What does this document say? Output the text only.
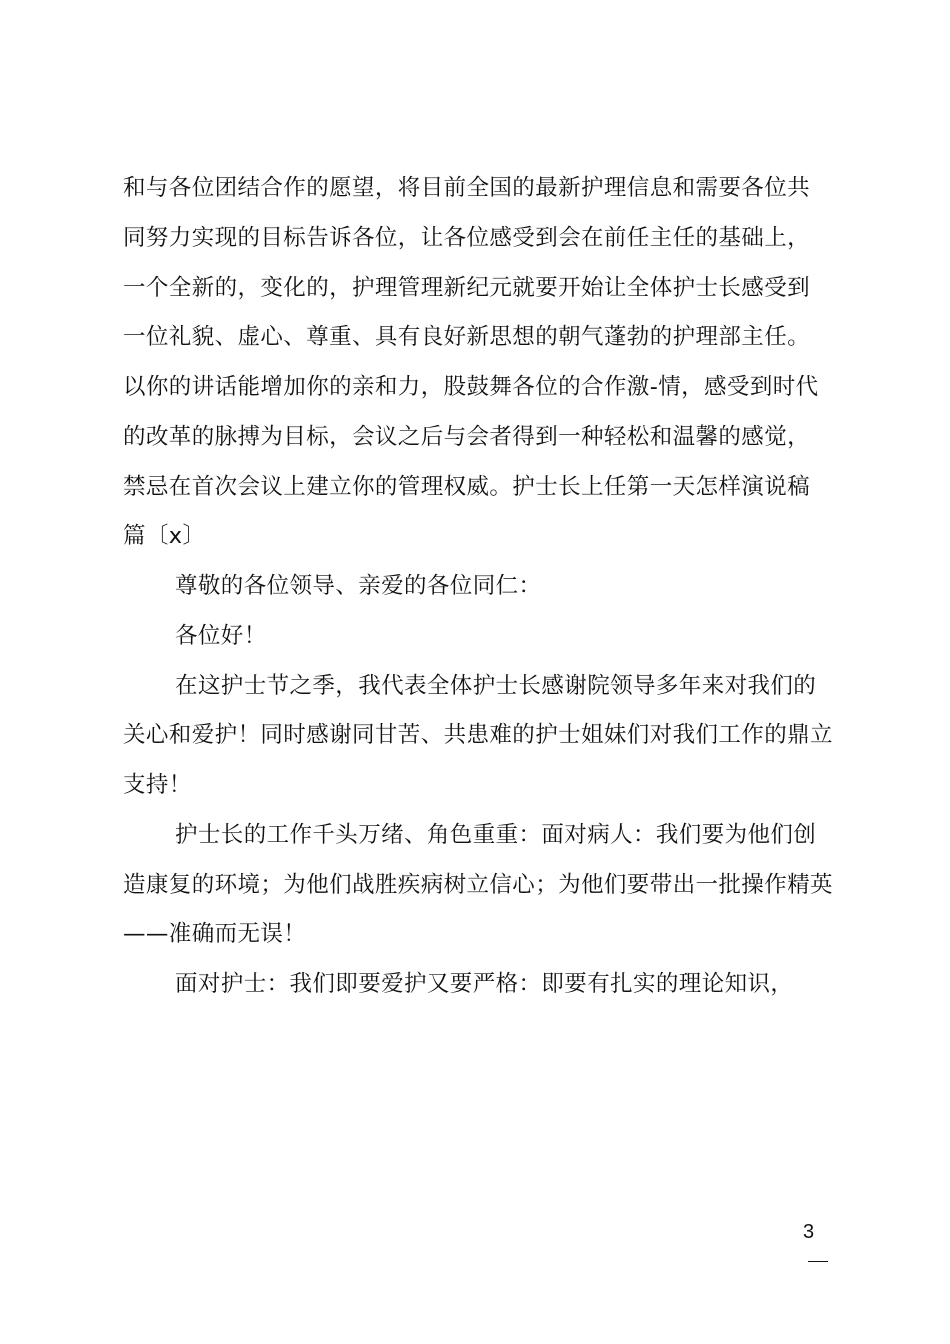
和与各位团结合作的愿望，将目前全国的最新护理信息和需要各位共
同努力实现的目标告诉各位，让各位感受到会在前任主任的基础上，
一个全新的，变化的，护理管理新纪元就要开始让全体护士长感受到
一位礼貌、虚心、尊重、具有良好新思想的朝气蓬勃的护理部主任。
以你的讲话能增加你的亲和力，股鼓舞各位的合作激-情，感受到时代
的改革的脉搏为目标，会议之后与会者得到一种轻松和温馨的感觉，
禁忌在首次会议上建立你的管理权威。护士长上任第一天怎样演说稿
篇〔x〕
尊敬的各位领导、亲爱的各位同仁：
各位好！
在这护士节之季，我代表全体护士长感谢院领导多年来对我们的
关心和爱护！同时感谢同甘苦、共患难的护士姐妹们对我们工作的鼎立
支持！
护士长的工作千头万绪、角色重重：面对病人：我们要为他们创
造康复的环境；为他们战胜疾病树立信心；为他们要带出一批操作精英
——准确而无误！
面对护士：我们即要爱护又要严格：即要有扎实的理论知识，
3
